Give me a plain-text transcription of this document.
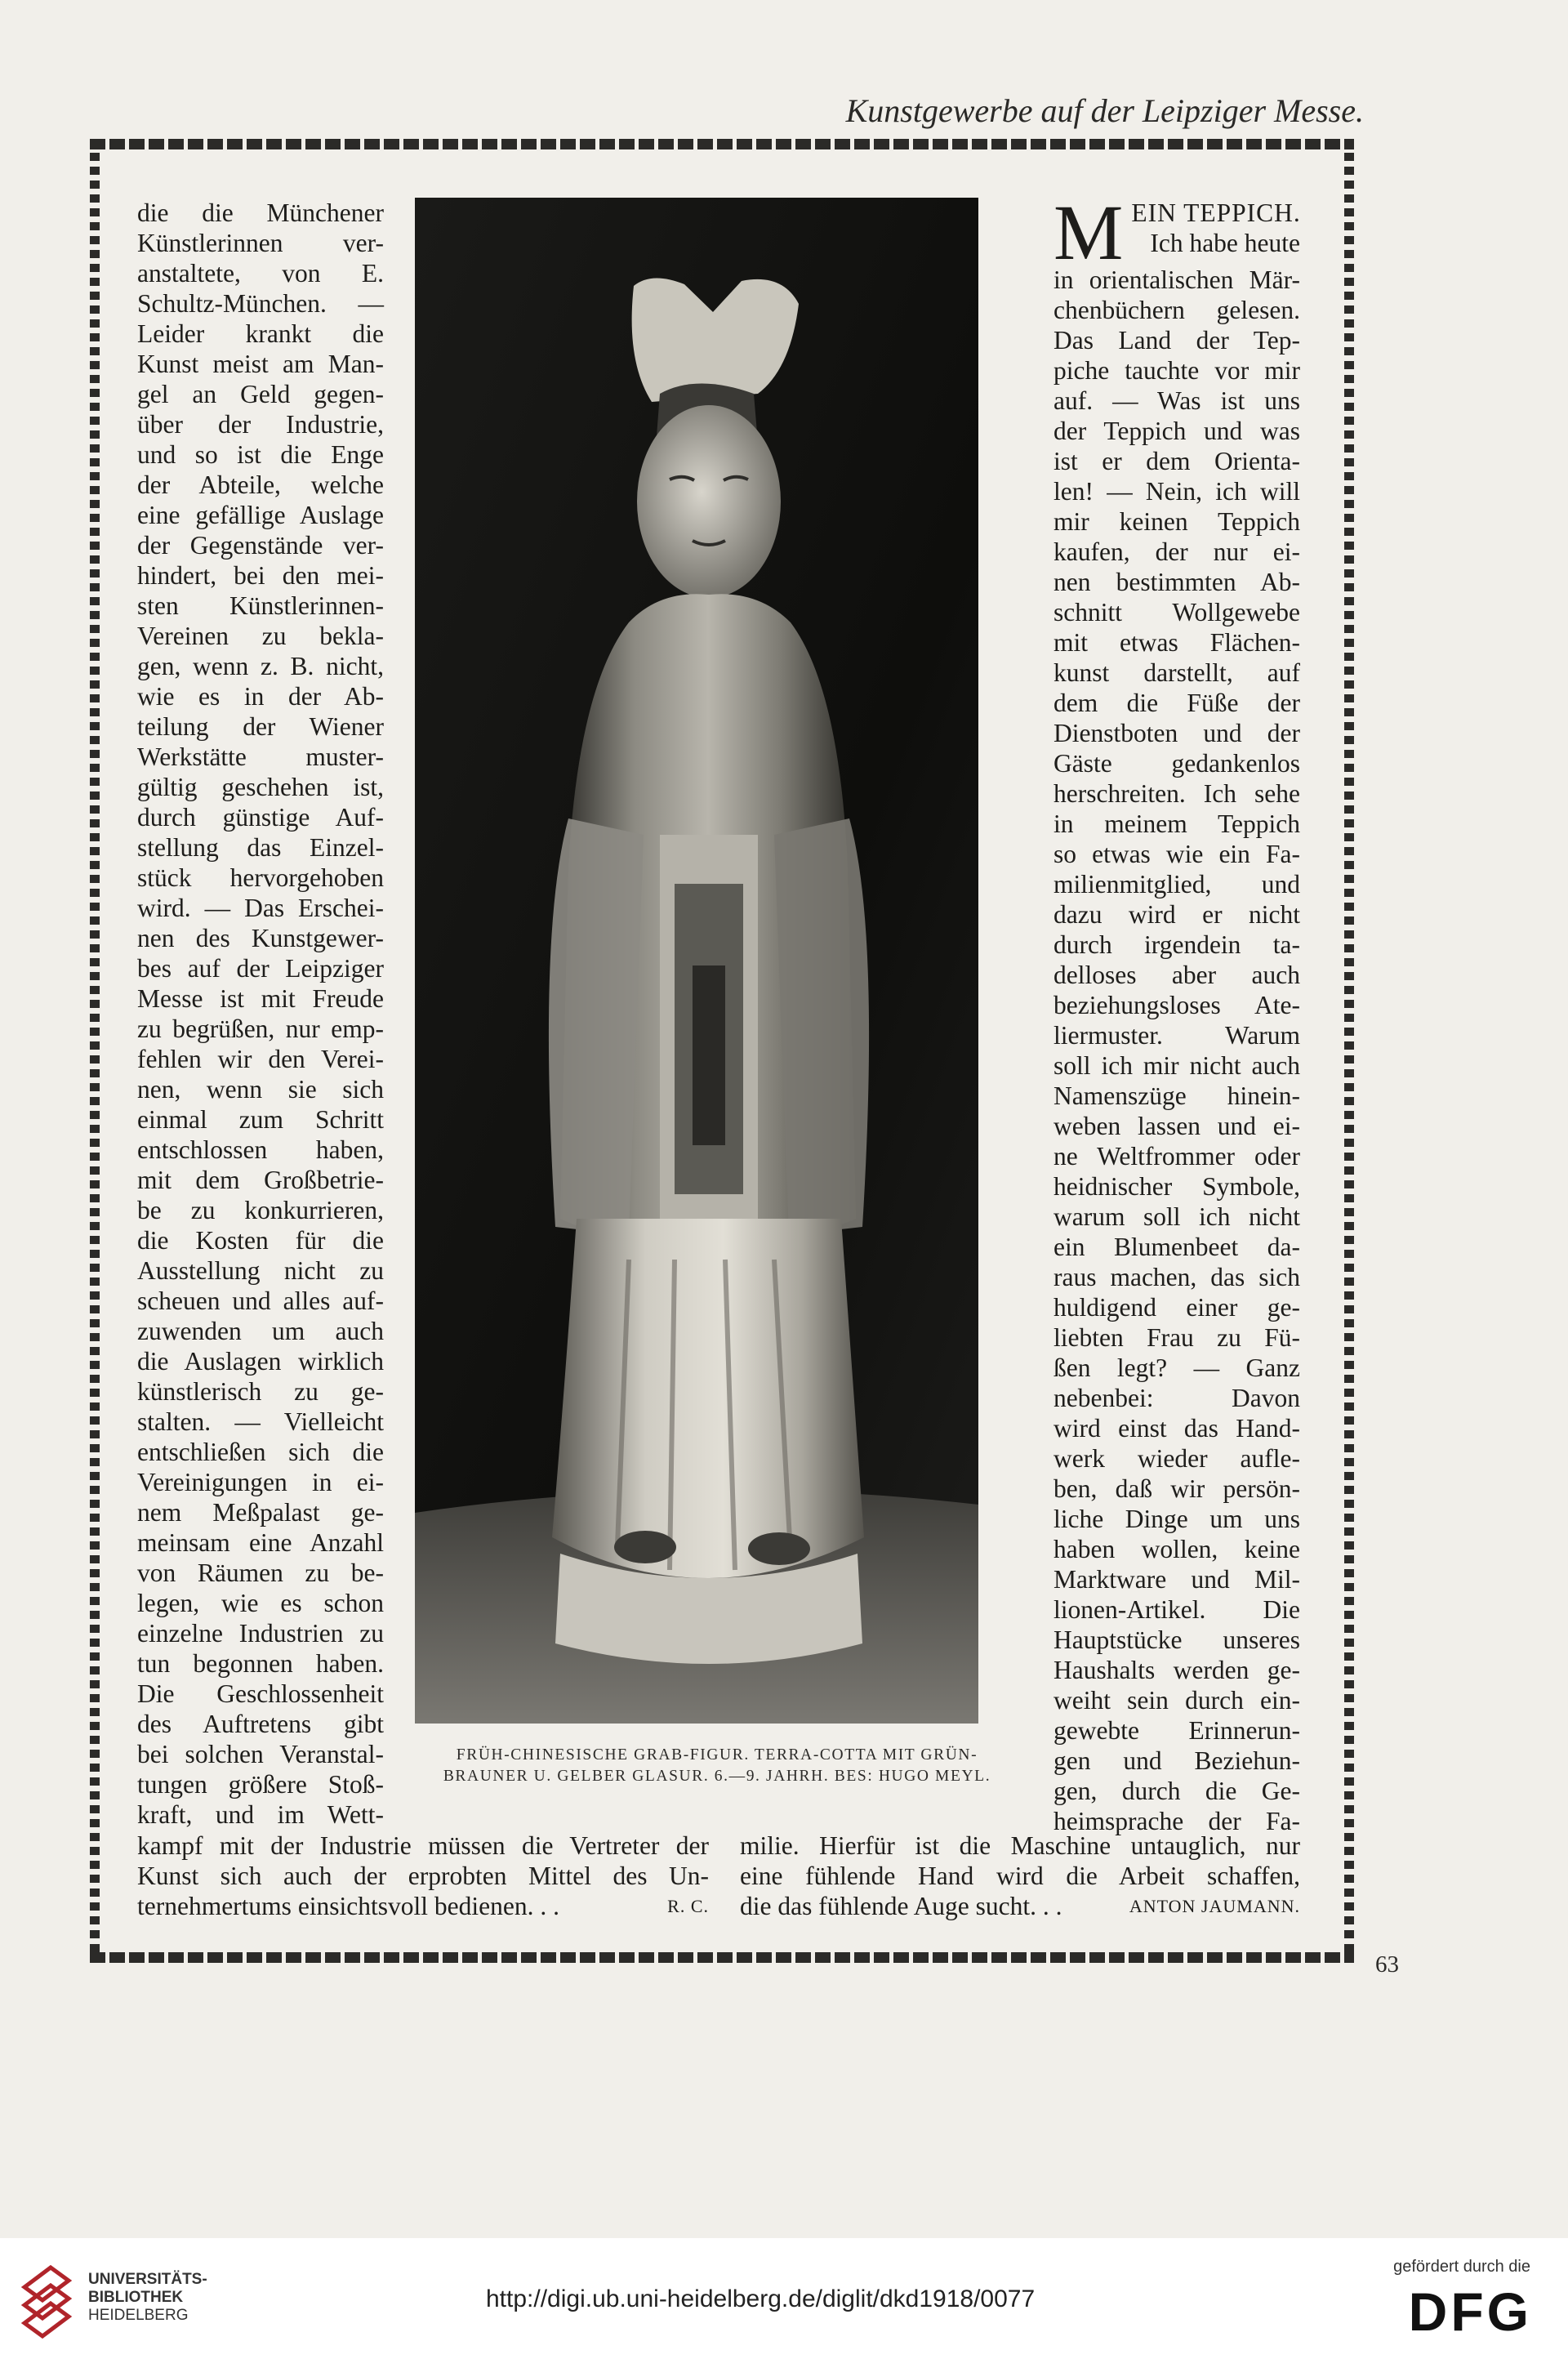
Kunstgewerbe auf der Leipziger Messe.
die die Münchener
Künstlerinnen ver-
anstaltete, von E.
Schultz-München. —
Leider krankt die
Kunst meist am Man-
gel an Geld gegen-
über der Industrie,
und so ist die Enge
der Abteile, welche
eine gefällige Auslage
der Gegenstände ver-
hindert, bei den mei-
sten Künstlerinnen-
Vereinen zu bekla-
gen, wenn z. B. nicht,
wie es in der Ab-
teilung der Wiener
Werkstätte muster-
gültig geschehen ist,
durch günstige Auf-
stellung das Einzel-
stück hervorgehoben
wird. — Das Erschei-
nen des Kunstgewer-
bes auf der Leipziger
Messe ist mit Freude
zu begrüßen, nur emp-
fehlen wir den Verei-
nen, wenn sie sich
einmal zum Schritt
entschlossen haben,
mit dem Großbetrie-
be zu konkurrieren,
die Kosten für die
Ausstellung nicht zu
scheuen und alles auf-
zuwenden um auch
die Auslagen wirklich
künstlerisch zu ge-
stalten. — Vielleicht
entschließen sich die
Vereinigungen in ei-
nem Meßpalast ge-
meinsam eine Anzahl
von Räumen zu be-
legen, wie es schon
einzelne Industrien zu
tun begonnen haben.
Die Geschlossenheit
des Auftretens gibt
bei solchen Veranstal-
tungen größere Stoß-
kraft, und im Wett-
kampf mit der Industrie müssen die Vertreter der
Kunst sich auch der erprobten Mittel des Un-
ternehmertums einsichtsvoll bedienen. . .	R. C.
FRÜH-CHINESISCHE GRAB-FIGUR. TERRA-COTTA MIT GRÜN-
BRAUNER U. GELBER GLASUR. 6.—9. JAHRH. BES: HUGO MEYL.
M EIN TEPPICH.
Ich habe heute
in orientalischen Mär-
chenbüchern gelesen.
Das Land der Tep-
piche tauchte vor mir
auf. — Was ist uns
der Teppich und was
ist er dem Orienta-
len! — Nein, ich will
mir keinen Teppich
kaufen, der nur ei-
nen bestimmten Ab-
schnitt Wollgewebe
mit etwas Flächen-
kunst darstellt, auf
dem die Füße der
Dienstboten und der
Gäste gedankenlos
herschreiten. Ich sehe
in meinem Teppich
so etwas wie ein Fa-
milienmitglied, und
dazu wird er nicht
durch irgendein ta-
delloses aber auch
beziehungsloses Ate-
liermuster. Warum
soll ich mir nicht auch
Namenszüge hinein-
weben lassen und ei-
ne Weltfrommer oder
heidnischer Symbole,
warum soll ich nicht
ein Blumenbeet da-
raus machen, das sich
huldigend einer ge-
liebten Frau zu Fü-
ßen legt? — Ganz
nebenbei: Davon
wird einst das Hand-
werk wieder aufle-
ben, daß wir persön-
liche Dinge um uns
haben wollen, keine
Marktware und Mil-
lionen-Artikel. Die
Hauptstücke unseres
Haushalts werden ge-
weiht sein durch ein-
gewebte Erinnerun-
gen und Beziehun-
gen, durch die Ge-
heimsprache der Fa-
milie. Hierfür ist die Maschine untauglich, nur
eine fühlende Hand wird die Arbeit schaffen,
die das fühlende Auge sucht. . .	ANTON JAUMANN.
63
UNIVERSITÄTS-
BIBLIOTHEK
HEIDELBERG
http://digi.ub.uni-heidelberg.de/diglit/dkd1918/0077
gefördert durch die
DFG
